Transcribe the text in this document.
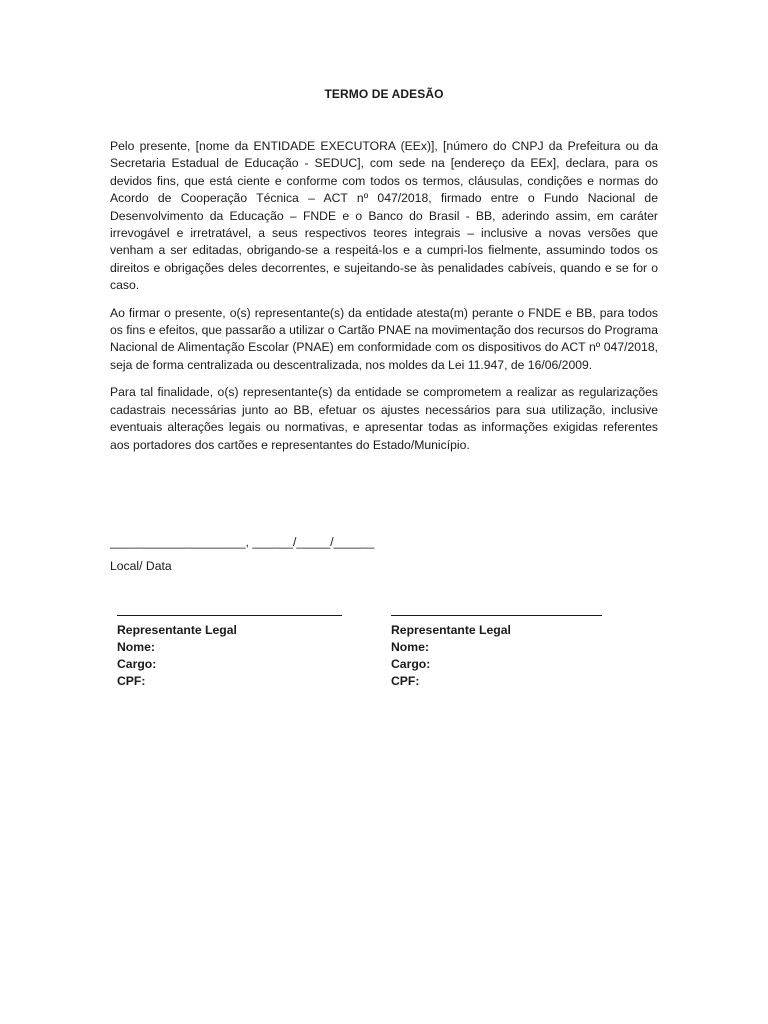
TERMO DE ADESÃO

Pelo presente, [nome da ENTIDADE EXECUTORA (EEx)], [número do CNPJ da Prefeitura ou da Secretaria Estadual de Educação - SEDUC], com sede na [endereço da EEx], declara, para os devidos fins, que está ciente e conforme com todos os termos, cláusulas, condições e normas do Acordo de Cooperação Técnica – ACT nº 047/2018, firmado entre o Fundo Nacional de Desenvolvimento da Educação – FNDE e o Banco do Brasil - BB, aderindo assim, em caráter irrevogável e irretratável, a seus respectivos teores integrais – inclusive a novas versões que venham a ser editadas, obrigando-se a respeitá-los e a cumpri-los fielmente, assumindo todos os direitos e obrigações deles decorrentes, e sujeitando-se às penalidades cabíveis, quando e se for o caso.

Ao firmar o presente, o(s) representante(s) da entidade atesta(m) perante o FNDE e BB, para todos os fins e efeitos, que passarão a utilizar o Cartão PNAE na movimentação dos recursos do Programa Nacional de Alimentação Escolar (PNAE) em conformidade com os dispositivos do ACT nº 047/2018, seja de forma centralizada ou descentralizada, nos moldes da Lei 11.947, de 16/06/2009.

Para tal finalidade, o(s) representante(s) da entidade se comprometem a realizar as regularizações cadastrais necessárias junto ao BB, efetuar os ajustes necessários para sua utilização, inclusive eventuais alterações legais ou normativas, e apresentar todas as informações exigidas referentes aos portadores dos cartões e representantes do Estado/Município.

____________________, ______/_____/______
Local/ Data
Representante Legal
Nome:
Cargo:
CPF:
Representante Legal
Nome:
Cargo:
CPF:
